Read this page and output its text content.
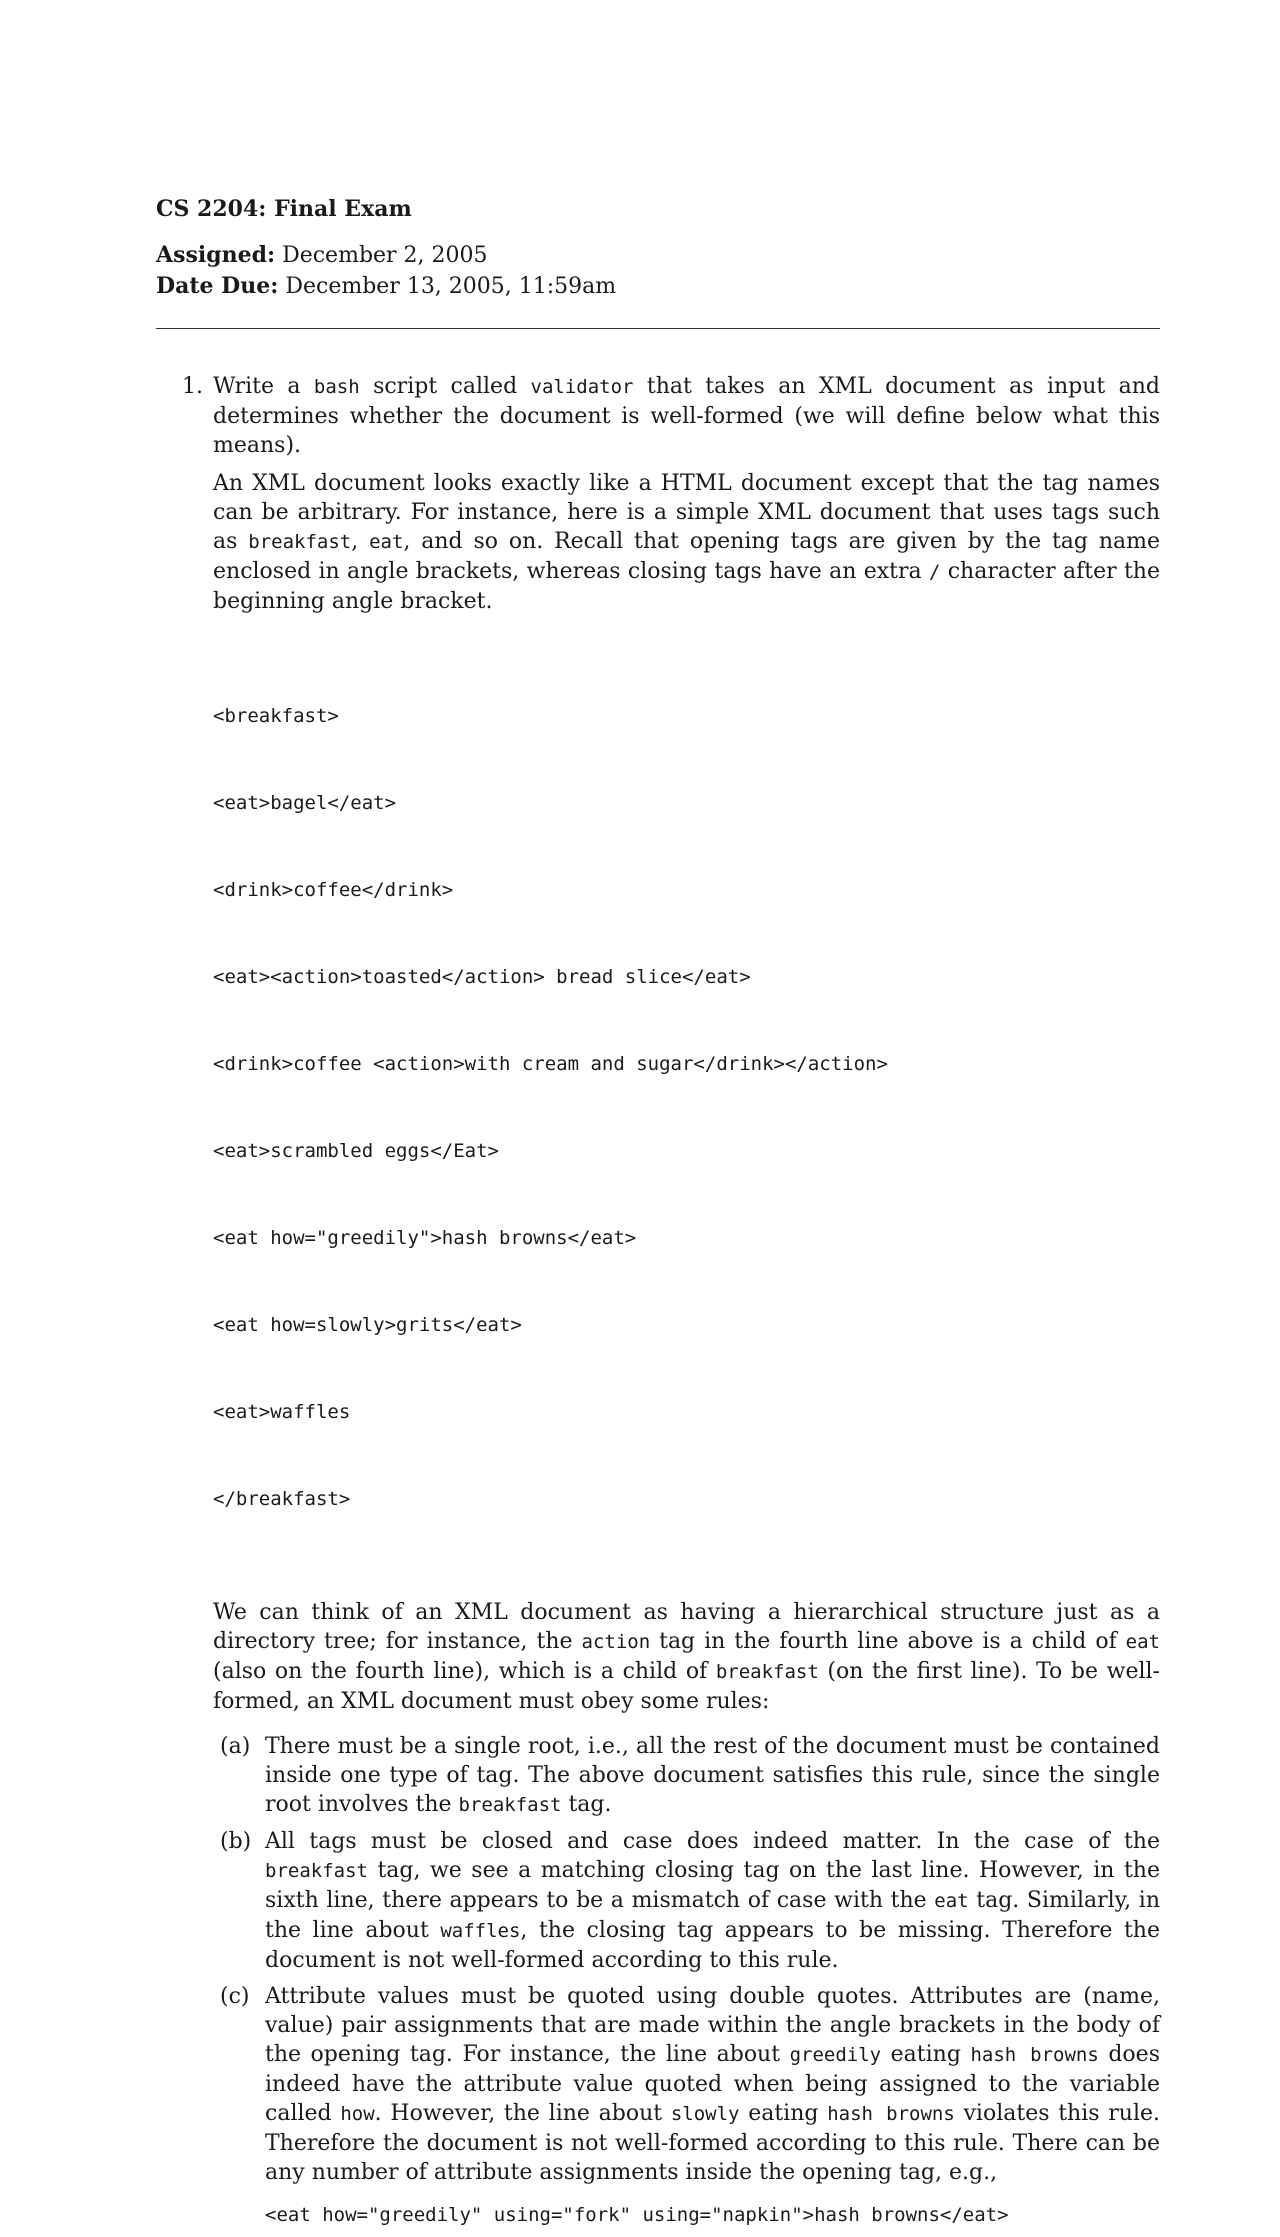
CS 2204: Final Exam
Assigned: December 2, 2005
Date Due: December 13, 2005, 11:59am
1. Write a bash script called validator that takes an XML document as input and determines whether the document is well-formed (we will define below what this means).

An XML document looks exactly like a HTML document except that the tag names can be arbitrary. For instance, here is a simple XML document that uses tags such as breakfast, eat, and so on. Recall that opening tags are given by the tag name enclosed in angle brackets, whereas closing tags have an extra / character after the beginning angle bracket.

<breakfast>

<eat>bagel</eat>

<drink>coffee</drink>

<eat><action>toasted</action> bread slice</eat>

<drink>coffee <action>with cream and sugar</drink></action>

<eat>scrambled eggs</Eat>

<eat how="greedily">hash browns</eat>

<eat how=slowly>grits</eat>

<eat>waffles

</breakfast>

We can think of an XML document as having a hierarchical structure just as a directory tree; for instance, the action tag in the fourth line above is a child of eat (also on the fourth line), which is a child of breakfast (on the first line). To be well-formed, an XML document must obey some rules:

(a) There must be a single root, i.e., all the rest of the document must be contained inside one type of tag. The above document satisfies this rule, since the single root involves the breakfast tag.
(b) All tags must be closed and case does indeed matter. In the case of the breakfast tag, we see a matching closing tag on the last line. However, in the sixth line, there appears to be a mismatch of case with the eat tag. Similarly, in the line about waffles, the closing tag appears to be missing. Therefore the document is not well-formed according to this rule.
(c) Attribute values must be quoted using double quotes. Attributes are (name, value) pair assignments that are made within the angle brackets in the body of the opening tag. For instance, the line about greedily eating hash browns does indeed have the attribute value quoted when being assigned to the variable called how. However, the line about slowly eating hash browns violates this rule. Therefore the document is not well-formed according to this rule. There can be any number of attribute assignments inside the opening tag, e.g.,
<eat how="greedily" using="fork" using="napkin">hash browns</eat>
